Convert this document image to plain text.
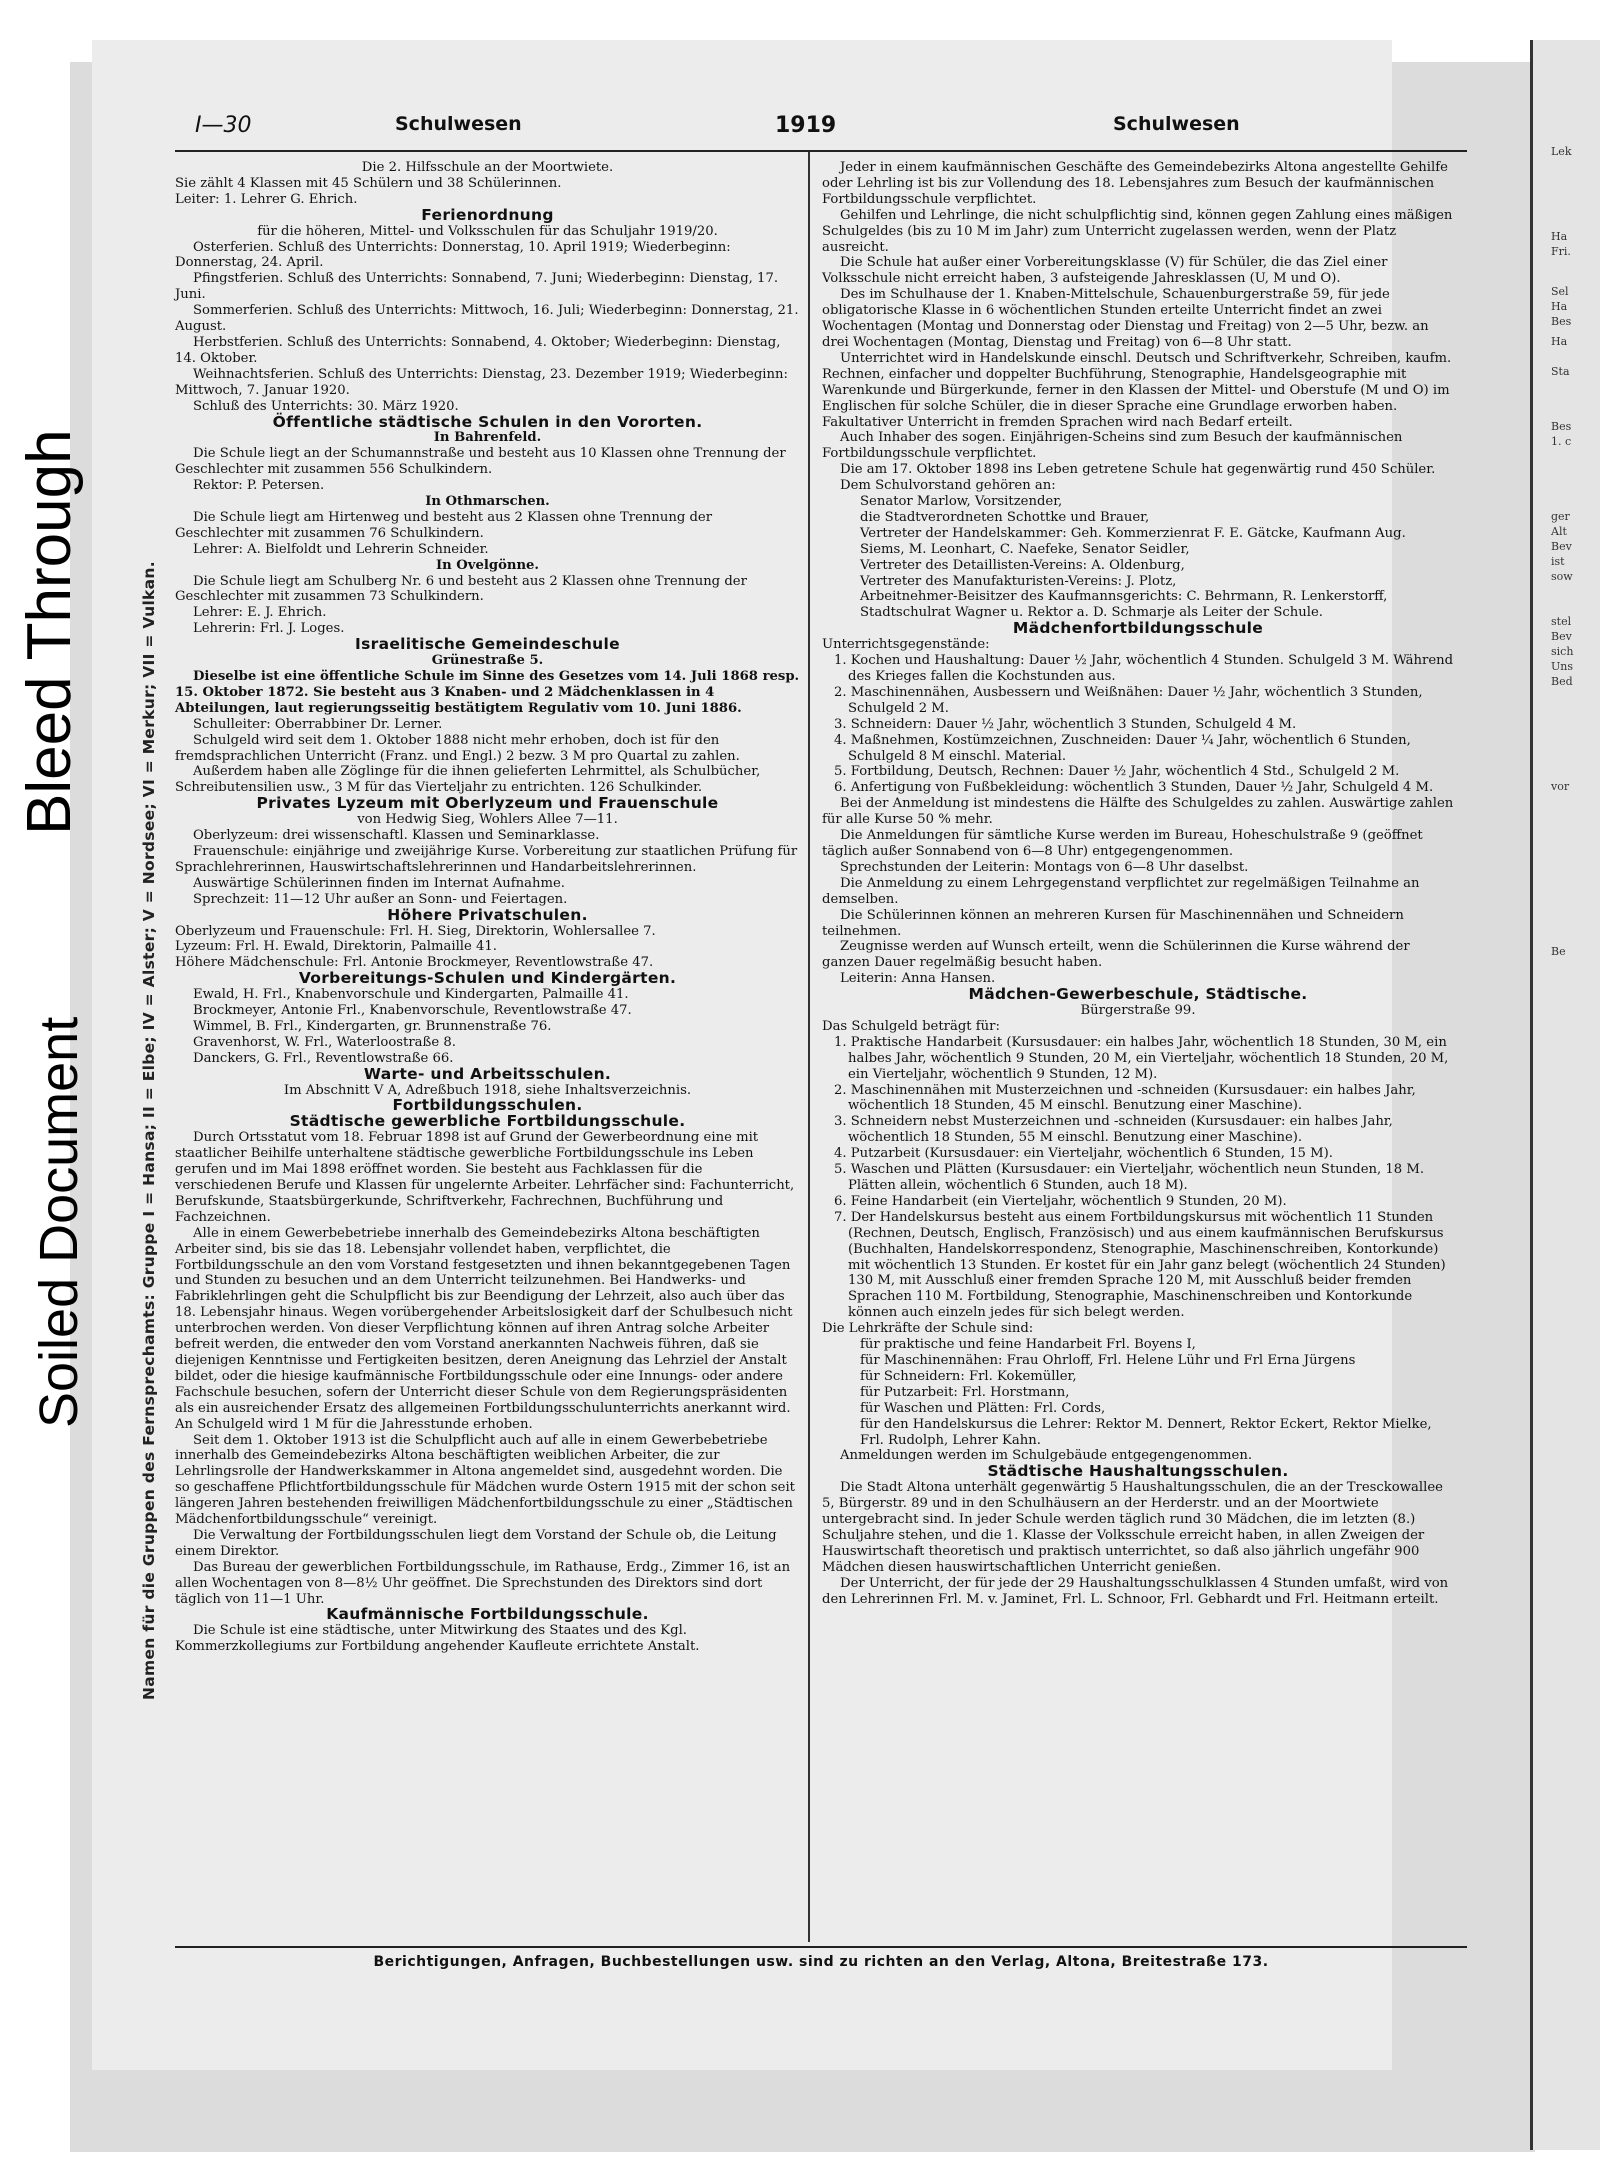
Lek
Ha
Fri.
Sel
Ha
Bes
Ha
Sta
Bes
1. c
ger
Alt
Bev
ist
sow
stel
Bev
sich
Uns
Bed
vor
Be
Bleed Through
Soiled Document	Namen für die Gruppen des Fernsprechamts: Gruppe I = Hansa; II = Elbe; IV = Alster; V = Nordsee; VI = Merkur; VII = Vulkan.
I—30	Schulwesen	1919	Schulwesen

Die 2. Hilfsschule an der Moortwiete.

Sie zählt 4 Klassen mit 45 Schülern und 38 Schülerinnen.

Leiter: 1. Lehrer G. Ehrich.

Ferienordnung

für die höheren, Mittel- und Volksschulen für das Schuljahr 1919/20.

Osterferien. Schluß des Unterrichts: Donnerstag, 10. April 1919; Wiederbeginn: Donnerstag, 24. April.

Pfingstferien. Schluß des Unterrichts: Sonnabend, 7. Juni; Wiederbeginn: Dienstag, 17. Juni.

Sommerferien. Schluß des Unterrichts: Mittwoch, 16. Juli; Wiederbeginn: Donnerstag, 21. August.

Herbstferien. Schluß des Unterrichts: Sonnabend, 4. Oktober; Wiederbeginn: Dienstag, 14. Oktober.

Weihnachtsferien. Schluß des Unterrichts: Dienstag, 23. Dezember 1919; Wiederbeginn: Mittwoch, 7. Januar 1920.

Schluß des Unterrichts: 30. März 1920.

Öffentliche städtische Schulen in den Vororten.

In Bahrenfeld.

Die Schule liegt an der Schumannstraße und besteht aus 10 Klassen ohne Trennung der Geschlechter mit zusammen 556 Schulkindern.

Rektor: P. Petersen.

In Othmarschen.

Die Schule liegt am Hirtenweg und besteht aus 2 Klassen ohne Trennung der Geschlechter mit zusammen 76 Schulkindern.

Lehrer: A. Bielfoldt und Lehrerin Schneider.

In Ovelgönne.

Die Schule liegt am Schulberg Nr. 6 und besteht aus 2 Klassen ohne Trennung der Geschlechter mit zusammen 73 Schulkindern.

Lehrer: E. J. Ehrich.

Lehrerin: Frl. J. Loges.

Israelitische Gemeindeschule

Grünestraße 5.

Dieselbe ist eine öffentliche Schule im Sinne des Gesetzes vom 14. Juli 1868 resp. 15. Oktober 1872. Sie besteht aus 3 Knaben- und 2 Mädchenklassen in 4 Abteilungen, laut regierungsseitig bestätigtem Regulativ vom 10. Juni 1886.

Schulleiter: Oberrabbiner Dr. Lerner.

Schulgeld wird seit dem 1. Oktober 1888 nicht mehr erhoben, doch ist für den fremdsprachlichen Unterricht (Franz. und Engl.) 2 bezw. 3 M pro Quartal zu zahlen.

Außerdem haben alle Zöglinge für die ihnen gelieferten Lehrmittel, als Schulbücher, Schreibutensilien usw., 3 M für das Vierteljahr zu entrichten. 126 Schulkinder.

Privates Lyzeum mit Oberlyzeum und Frauenschule

von Hedwig Sieg, Wohlers Allee 7—11.

Oberlyzeum: drei wissenschaftl. Klassen und Seminarklasse.

Frauenschule: einjährige und zweijährige Kurse. Vorbereitung zur staatlichen Prüfung für Sprachlehrerinnen, Hauswirtschaftslehrerinnen und Handarbeitslehrerinnen.

Auswärtige Schülerinnen finden im Internat Aufnahme.

Sprechzeit: 11—12 Uhr außer an Sonn- und Feiertagen.

Höhere Privatschulen.

Oberlyzeum und Frauenschule: Frl. H. Sieg, Direktorin, Wohlersallee 7.

Lyzeum: Frl. H. Ewald, Direktorin, Palmaille 41.

Höhere Mädchenschule: Frl. Antonie Brockmeyer, Reventlowstraße 47.

Vorbereitungs-Schulen und Kindergärten.

Ewald, H. Frl., Knabenvorschule und Kindergarten, Palmaille 41.

Brockmeyer, Antonie Frl., Knabenvorschule, Reventlowstraße 47.

Wimmel, B. Frl., Kindergarten, gr. Brunnenstraße 76.

Gravenhorst, W. Frl., Waterloostraße 8.

Danckers, G. Frl., Reventlowstraße 66.

Warte- und Arbeitsschulen.

Im Abschnitt V A, Adreßbuch 1918, siehe Inhaltsverzeichnis.

Fortbildungsschulen.

Städtische gewerbliche Fortbildungsschule.

Durch Ortsstatut vom 18. Februar 1898 ist auf Grund der Gewerbeordnung eine mit staatlicher Beihilfe unterhaltene städtische gewerbliche Fortbildungsschule ins Leben gerufen und im Mai 1898 eröffnet worden. Sie besteht aus Fachklassen für die verschiedenen Berufe und Klassen für ungelernte Arbeiter. Lehrfächer sind: Fachunterricht, Berufskunde, Staatsbürgerkunde, Schriftverkehr, Fachrechnen, Buchführung und Fachzeichnen.

Alle in einem Gewerbebetriebe innerhalb des Gemeindebezirks Altona beschäftigten Arbeiter sind, bis sie das 18. Lebensjahr vollendet haben, verpflichtet, die Fortbildungsschule an den vom Vorstand festgesetzten und ihnen bekanntgegebenen Tagen und Stunden zu besuchen und an dem Unterricht teilzunehmen. Bei Handwerks- und Fabriklehrlingen geht die Schulpflicht bis zur Beendigung der Lehrzeit, also auch über das 18. Lebensjahr hinaus. Wegen vorübergehender Arbeitslosigkeit darf der Schulbesuch nicht unterbrochen werden. Von dieser Verpflichtung können auf ihren Antrag solche Arbeiter befreit werden, die entweder den vom Vorstand anerkannten Nachweis führen, daß sie diejenigen Kenntnisse und Fertigkeiten besitzen, deren Aneignung das Lehrziel der Anstalt bildet, oder die hiesige kaufmännische Fortbildungsschule oder eine Innungs- oder andere Fachschule besuchen, sofern der Unterricht dieser Schule von dem Regierungspräsidenten als ein ausreichender Ersatz des allgemeinen Fortbildungsschulunterrichts anerkannt wird. An Schulgeld wird 1 M für die Jahresstunde erhoben.

Seit dem 1. Oktober 1913 ist die Schulpflicht auch auf alle in einem Gewerbebetriebe innerhalb des Gemeindebezirks Altona beschäftigten weiblichen Arbeiter, die zur Lehrlingsrolle der Handwerkskammer in Altona angemeldet sind, ausgedehnt worden. Die so geschaffene Pflichtfortbildungsschule für Mädchen wurde Ostern 1915 mit der schon seit längeren Jahren bestehenden freiwilligen Mädchenfortbildungsschule zu einer „Städtischen Mädchenfortbildungsschule“ vereinigt.

Die Verwaltung der Fortbildungsschulen liegt dem Vorstand der Schule ob, die Leitung einem Direktor.

Das Bureau der gewerblichen Fortbildungsschule, im Rathause, Erdg., Zimmer 16, ist an allen Wochentagen von 8—8½ Uhr geöffnet. Die Sprechstunden des Direktors sind dort täglich von 11—1 Uhr.

Kaufmännische Fortbildungsschule.

Die Schule ist eine städtische, unter Mitwirkung des Staates und des Kgl. Kommerzkollegiums zur Fortbildung angehender Kaufleute errichtete Anstalt.

Jeder in einem kaufmännischen Geschäfte des Gemeindebezirks Altona angestellte Gehilfe oder Lehrling ist bis zur Vollendung des 18. Lebensjahres zum Besuch der kaufmännischen Fortbildungsschule verpflichtet.

Gehilfen und Lehrlinge, die nicht schulpflichtig sind, können gegen Zahlung eines mäßigen Schulgeldes (bis zu 10 M im Jahr) zum Unterricht zugelassen werden, wenn der Platz ausreicht.

Die Schule hat außer einer Vorbereitungsklasse (V) für Schüler, die das Ziel einer Volksschule nicht erreicht haben, 3 aufsteigende Jahresklassen (U, M und O).

Des im Schulhause der 1. Knaben-Mittelschule, Schauenburgerstraße 59, für jede obligatorische Klasse in 6 wöchentlichen Stunden erteilte Unterricht findet an zwei Wochentagen (Montag und Donnerstag oder Dienstag und Freitag) von 2—5 Uhr, bezw. an drei Wochentagen (Montag, Dienstag und Freitag) von 6—8 Uhr statt.

Unterrichtet wird in Handelskunde einschl. Deutsch und Schriftverkehr, Schreiben, kaufm. Rechnen, einfacher und doppelter Buchführung, Stenographie, Handelsgeographie mit Warenkunde und Bürgerkunde, ferner in den Klassen der Mittel- und Oberstufe (M und O) im Englischen für solche Schüler, die in dieser Sprache eine Grundlage erworben haben. Fakultativer Unterricht in fremden Sprachen wird nach Bedarf erteilt.

Auch Inhaber des sogen. Einjährigen-Scheins sind zum Besuch der kaufmännischen Fortbildungsschule verpflichtet.

Die am 17. Oktober 1898 ins Leben getretene Schule hat gegenwärtig rund 450 Schüler.

Dem Schulvorstand gehören an:

Senator Marlow, Vorsitzender,

die Stadtverordneten Schottke und Brauer,

Vertreter der Handelskammer: Geh. Kommerzienrat F. E. Gätcke, Kaufmann Aug. Siems, M. Leonhart, C. Naefeke, Senator Seidler,

Vertreter des Detaillisten-Vereins: A. Oldenburg,

Vertreter des Manufakturisten-Vereins: J. Plotz,

Arbeitnehmer-Beisitzer des Kaufmannsgerichts: C. Behrmann, R. Lenkerstorff,

Stadtschulrat Wagner u. Rektor a. D. Schmarje als Leiter der Schule.

Mädchenfortbildungsschule

Unterrichtsgegenstände:

1. Kochen und Haushaltung: Dauer ½ Jahr, wöchentlich 4 Stunden. Schulgeld 3 M. Während des Krieges fallen die Kochstunden aus.

2. Maschinennähen, Ausbessern und Weißnähen: Dauer ½ Jahr, wöchentlich 3 Stunden, Schulgeld 2 M.

3. Schneidern: Dauer ½ Jahr, wöchentlich 3 Stunden, Schulgeld 4 M.

4. Maßnehmen, Kostümzeichnen, Zuschneiden: Dauer ¼ Jahr, wöchentlich 6 Stunden, Schulgeld 8 M einschl. Material.

5. Fortbildung, Deutsch, Rechnen: Dauer ½ Jahr, wöchentlich 4 Std., Schulgeld 2 M.

6. Anfertigung von Fußbekleidung: wöchentlich 3 Stunden, Dauer ½ Jahr, Schulgeld 4 M.

Bei der Anmeldung ist mindestens die Hälfte des Schulgeldes zu zahlen. Auswärtige zahlen für alle Kurse 50 % mehr.

Die Anmeldungen für sämtliche Kurse werden im Bureau, Hoheschulstraße 9 (geöffnet täglich außer Sonnabend von 6—8 Uhr) entgegengenommen.

Sprechstunden der Leiterin: Montags von 6—8 Uhr daselbst.

Die Anmeldung zu einem Lehrgegenstand verpflichtet zur regelmäßigen Teilnahme an demselben.

Die Schülerinnen können an mehreren Kursen für Maschinennähen und Schneidern teilnehmen.

Zeugnisse werden auf Wunsch erteilt, wenn die Schülerinnen die Kurse während der ganzen Dauer regelmäßig besucht haben.

Leiterin: Anna Hansen.

Mädchen-Gewerbeschule, Städtische.

Bürgerstraße 99.

Das Schulgeld beträgt für:

1. Praktische Handarbeit (Kursusdauer: ein halbes Jahr, wöchentlich 18 Stunden, 30 M, ein halbes Jahr, wöchentlich 9 Stunden, 20 M, ein Vierteljahr, wöchentlich 18 Stunden, 20 M, ein Vierteljahr, wöchentlich 9 Stunden, 12 M).

2. Maschinennähen mit Musterzeichnen und -schneiden (Kursusdauer: ein halbes Jahr, wöchentlich 18 Stunden, 45 M einschl. Benutzung einer Maschine).

3. Schneidern nebst Musterzeichnen und -schneiden (Kursusdauer: ein halbes Jahr, wöchentlich 18 Stunden, 55 M einschl. Benutzung einer Maschine).

4. Putzarbeit (Kursusdauer: ein Vierteljahr, wöchentlich 6 Stunden, 15 M).

5. Waschen und Plätten (Kursusdauer: ein Vierteljahr, wöchentlich neun Stunden, 18 M. Plätten allein, wöchentlich 6 Stunden, auch 18 M).

6. Feine Handarbeit (ein Vierteljahr, wöchentlich 9 Stunden, 20 M).

7. Der Handelskursus besteht aus einem Fortbildungskursus mit wöchentlich 11 Stunden (Rechnen, Deutsch, Englisch, Französisch) und aus einem kaufmännischen Berufskursus (Buchhalten, Handelskorrespondenz, Stenographie, Maschinenschreiben, Kontorkunde) mit wöchentlich 13 Stunden. Er kostet für ein Jahr ganz belegt (wöchentlich 24 Stunden) 130 M, mit Ausschluß einer fremden Sprache 120 M, mit Ausschluß beider fremden Sprachen 110 M. Fortbildung, Stenographie, Maschinenschreiben und Kontorkunde können auch einzeln jedes für sich belegt werden.

Die Lehrkräfte der Schule sind:

für praktische und feine Handarbeit Frl. Boyens I,

für Maschinennähen: Frau Ohrloff, Frl. Helene Lühr und Frl Erna Jürgens

für Schneidern: Frl. Kokemüller,

für Putzarbeit: Frl. Horstmann,

für Waschen und Plätten: Frl. Cords,

für den Handelskursus die Lehrer: Rektor M. Dennert, Rektor Eckert, Rektor Mielke, Frl. Rudolph, Lehrer Kahn.

Anmeldungen werden im Schulgebäude entgegengenommen.

Städtische Haushaltungsschulen.

Die Stadt Altona unterhält gegenwärtig 5 Haushaltungsschulen, die an der Tresckowallee 5, Bürgerstr. 89 und in den Schulhäusern an der Herderstr. und an der Moortwiete untergebracht sind. In jeder Schule werden täglich rund 30 Mädchen, die im letzten (8.) Schuljahre stehen, und die 1. Klasse der Volksschule erreicht haben, in allen Zweigen der Hauswirtschaft theoretisch und praktisch unterrichtet, so daß also jährlich ungefähr 900 Mädchen diesen hauswirtschaftlichen Unterricht genießen.

Der Unterricht, der für jede der 29 Haushaltungsschulklassen 4 Stunden umfaßt, wird von den Lehrerinnen Frl. M. v. Jaminet, Frl. L. Schnoor, Frl. Gebhardt und Frl. Heitmann erteilt.

Berichtigungen, Anfragen, Buchbestellungen usw. sind zu richten an den Verlag, Altona, Breitestraße 173.
